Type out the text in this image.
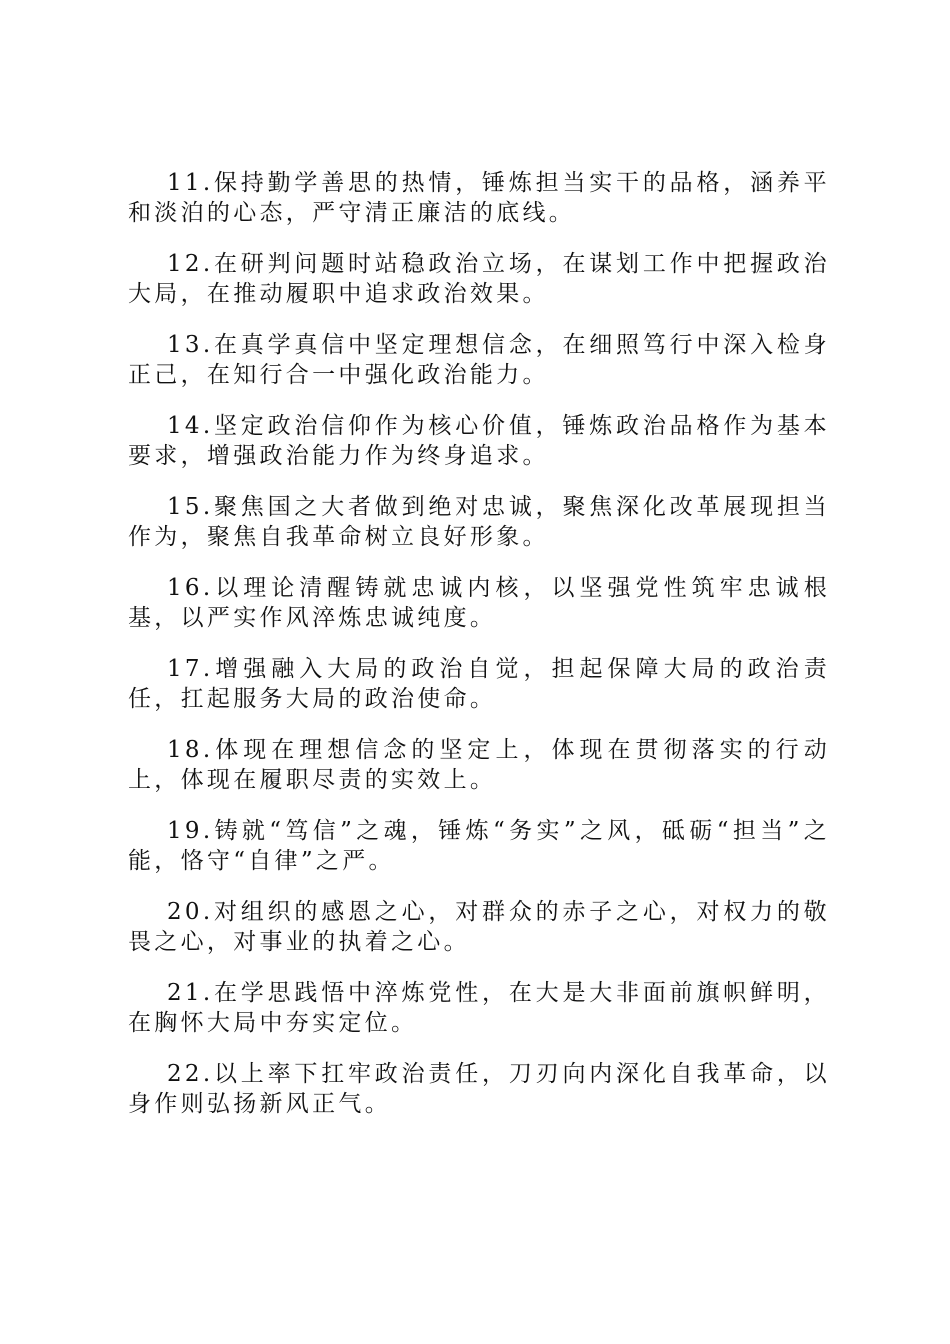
11.保持勤学善思的热情，锤炼担当实干的品格，涵养平和淡泊的心态，严守清正廉洁的底线。

12.在研判问题时站稳政治立场，在谋划工作中把握政治大局，在推动履职中追求政治效果。

13.在真学真信中坚定理想信念，在细照笃行中深入检身正己，在知行合一中强化政治能力。

14.坚定政治信仰作为核心价值，锤炼政治品格作为基本要求，增强政治能力作为终身追求。

15.聚焦国之大者做到绝对忠诚，聚焦深化改革展现担当作为，聚焦自我革命树立良好形象。

16.以理论清醒铸就忠诚内核，以坚强党性筑牢忠诚根基，以严实作风淬炼忠诚纯度。

17.增强融入大局的政治自觉，担起保障大局的政治责任，扛起服务大局的政治使命。

18.体现在理想信念的坚定上，体现在贯彻落实的行动上，体现在履职尽责的实效上。

19.铸就“笃信”之魂，锤炼“务实”之风，砥砺“担当”之能，恪守“自律”之严。

20.对组织的感恩之心，对群众的赤子之心，对权力的敬畏之心，对事业的执着之心。

21.在学思践悟中淬炼党性，在大是大非面前旗帜鲜明，在胸怀大局中夯实定位。

22.以上率下扛牢政治责任，刀刃向内深化自我革命，以身作则弘扬新风正气。
